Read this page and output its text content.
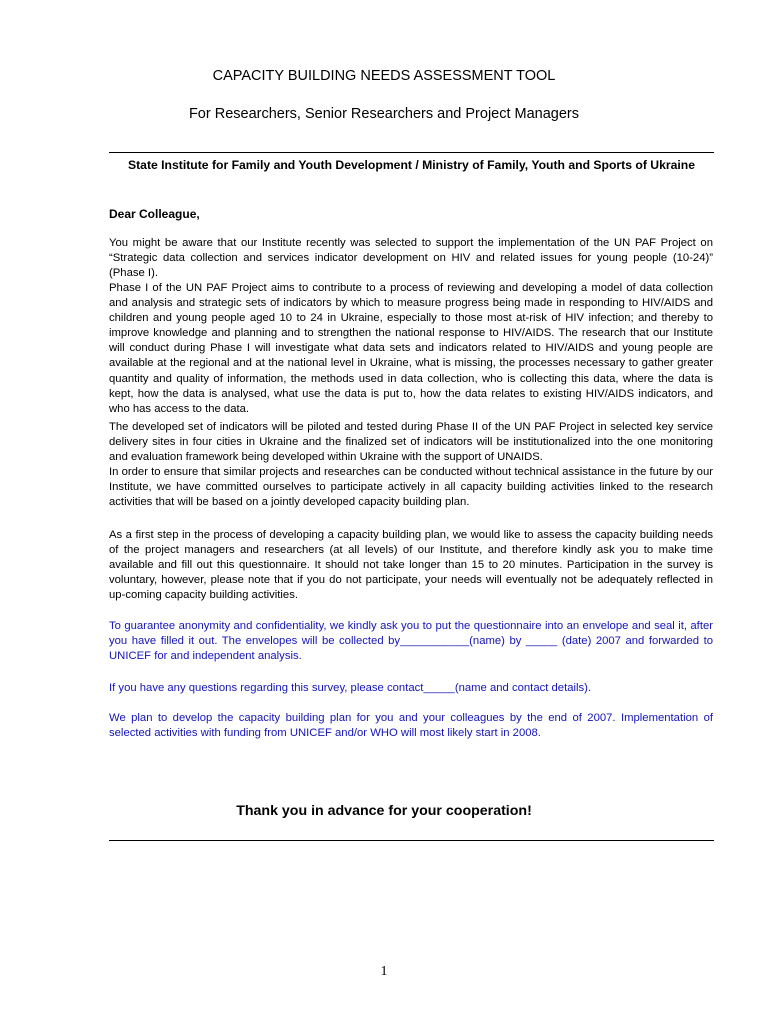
CAPACITY BUILDING NEEDS ASSESSMENT TOOL
For Researchers, Senior Researchers and Project Managers
State Institute for Family and Youth Development / Ministry of Family, Youth and Sports of Ukraine
Dear Colleague,

You might be aware that our Institute recently was selected to support the implementation of the UN PAF Project on “Strategic data collection and services indicator development on HIV and related issues for young people (10-24)” (Phase I).

Phase I of the UN PAF Project aims to contribute to a process of reviewing and developing a model of data collection and analysis and strategic sets of indicators by which to measure progress being made in responding to HIV/AIDS and children and young people aged 10 to 24 in Ukraine, especially to those most at-risk of HIV infection; and thereby to improve knowledge and planning and to strengthen the national response to HIV/AIDS. The research that our Institute will conduct during Phase I will investigate what data sets and indicators related to HIV/AIDS and young people are available at the regional and at the national level in Ukraine, what is missing, the processes necessary to gather greater quantity and quality of information, the methods used in data collection, who is collecting this data, where the data is kept, how the data is analysed, what use the data is put to, how the data relates to existing HIV/AIDS indicators, and who has access to the data.

The developed set of indicators will be piloted and tested during Phase II of the UN PAF Project in selected key service delivery sites in four cities in Ukraine and the finalized set of indicators will be institutionalized into the one monitoring and evaluation framework being developed within Ukraine with the support of UNAIDS.

In order to ensure that similar projects and researches can be conducted without technical assistance in the future by our Institute, we have committed ourselves to participate actively in all capacity building activities linked to the research activities that will be based on a jointly developed capacity building plan.

As a first step in the process of developing a capacity building plan, we would like to assess the capacity building needs of the project managers and researchers (at all levels) of our Institute, and therefore kindly ask you to make time available and fill out this questionnaire. It should not take longer than 15 to 20 minutes. Participation in the survey is voluntary, however, please note that if you do not participate, your needs will eventually not be adequately reflected in up-coming capacity building activities.

To guarantee anonymity and confidentiality, we kindly ask you to put the questionnaire into an envelope and seal it, after you have filled it out. The envelopes will be collected by___________(name) by _____ (date) 2007 and forwarded to UNICEF for and independent analysis.

If you have any questions regarding this survey, please contact_____(name and contact details).

We plan to develop the capacity building plan for you and your colleagues by the end of 2007. Implementation of selected activities with funding from UNICEF and/or WHO will most likely start in 2008.

Thank you in advance for your cooperation!
1
